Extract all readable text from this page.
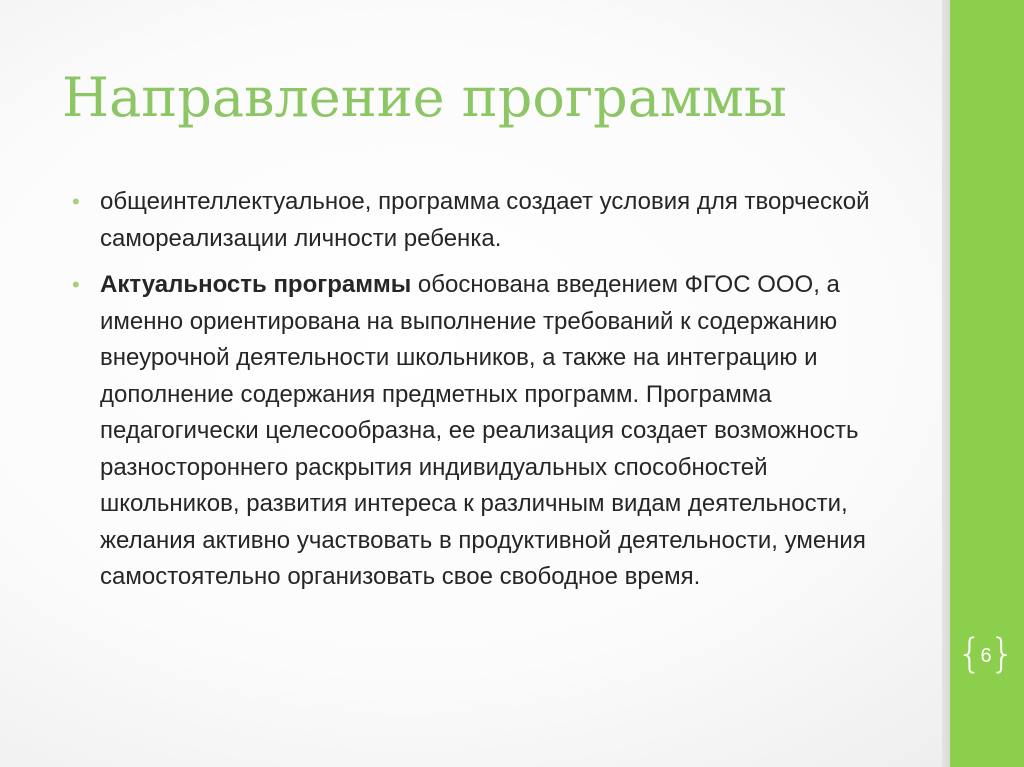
Направление программы
• общеинтеллектуальное, программа создает условия для творческой самореализации личности ребенка.
• Актуальность программы обоснована введением ФГОС ООО, а именно ориентирована на выполнение требований к содержанию внеурочной деятельности школьников, а также на интеграцию и дополнение содержания предметных программ. Программа педагогически целесообразна, ее реализация создает возможность разностороннего раскрытия индивидуальных способностей школьников, развития интереса к различным видам деятельности, желания активно участвовать в продуктивной деятельности, умения самостоятельно организовать свое свободное время.
{
6
}
